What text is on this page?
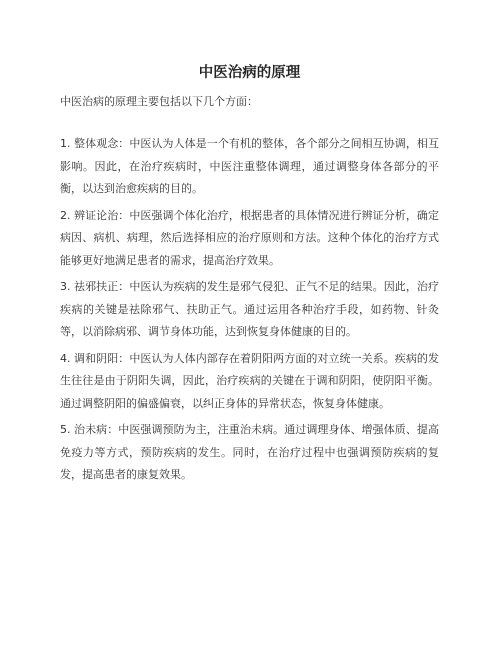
中医治病的原理

中医治病的原理主要包括以下几个方面：

1. 整体观念：中医认为人体是一个有机的整体，各个部分之间相互协调，相互影响。因此，在治疗疾病时，中医注重整体调理，通过调整身体各部分的平衡，以达到治愈疾病的目的。

2. 辨证论治：中医强调个体化治疗，根据患者的具体情况进行辨证分析，确定病因、病机、病理，然后选择相应的治疗原则和方法。这种个体化的治疗方式能够更好地满足患者的需求，提高治疗效果。

3. 祛邪扶正：中医认为疾病的发生是邪气侵犯、正气不足的结果。因此，治疗疾病的关键是祛除邪气、扶助正气。通过运用各种治疗手段，如药物、针灸等，以消除病邪、调节身体功能，达到恢复身体健康的目的。

4. 调和阴阳：中医认为人体内部存在着阴阳两方面的对立统一关系。疾病的发生往往是由于阴阳失调，因此，治疗疾病的关键在于调和阴阳，使阴阳平衡。通过调整阴阳的偏盛偏衰，以纠正身体的异常状态，恢复身体健康。

5. 治未病：中医强调预防为主，注重治未病。通过调理身体、增强体质、提高免疫力等方式，预防疾病的发生。同时，在治疗过程中也强调预防疾病的复发，提高患者的康复效果。
